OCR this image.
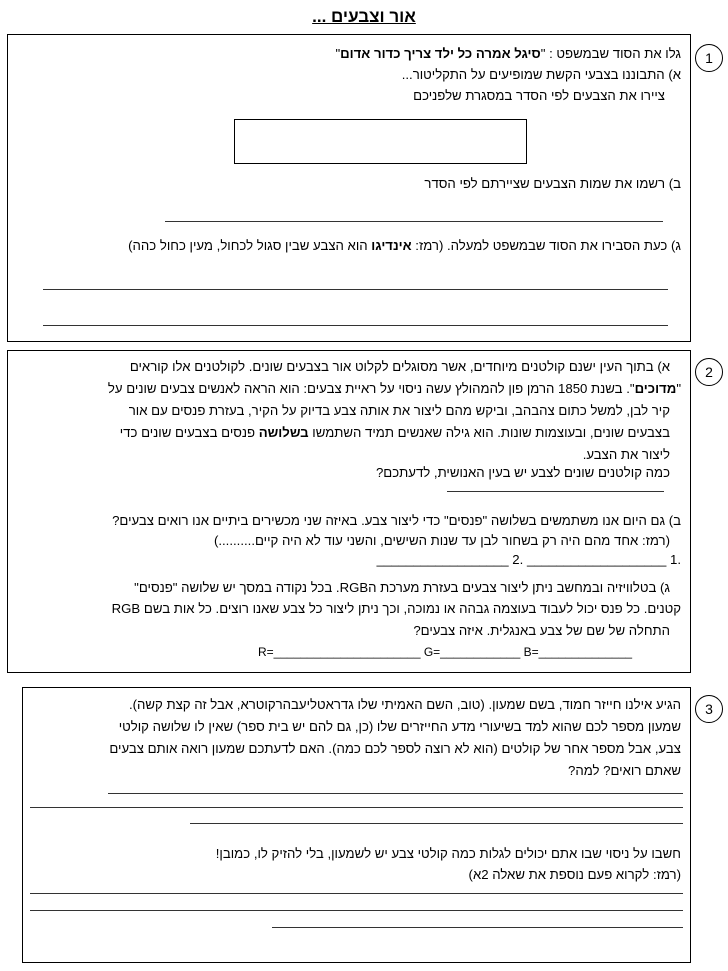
אור וצבעים ...
1
גלו את הסוד שבמשפט : "סיגל אמרה כל ילד צריך כדור אדום"
א) התבוננו בצבעי הקשת שמופיעים על התקליטור...
ציירו את הצבעים לפי הסדר במסגרת שלפניכם
ב) רשמו את שמות הצבעים שציירתם לפי הסדר
ג) כעת הסבירו את הסוד שבמשפט למעלה. (רמז: אינדיגו הוא הצבע שבין סגול לכחול, מעין כחול כהה)
2
א) בתוך העין ישנם קולטנים מיוחדים, אשר מסוגלים לקלוט אור בצבעים שונים. לקולטנים אלו קוראים
"מדוכים". בשנת 1850 הרמן פון להמהולץ עשה ניסוי על ראיית צבעים: הוא הראה לאנשים צבעים שונים על
קיר לבן, למשל כתום צהבהב, וביקש מהם ליצור את אותה צבע בדיוק על הקיר, בעזרת פנסים עם אור
בצבעים שונים, ובעוצמות שונות. הוא גילה שאנשים תמיד השתמשו בשלושה פנסים בצבעים שונים כדי
ליצור את הצבע.
כמה קולטנים שונים לצבע יש בעין האנושית, לדעתכם?
ב) גם היום אנו משתמשים בשלושה "פנסים" כדי ליצור צבע. באיזה שני מכשירים ביתיים אנו רואים צבעים?
(רמז: אחד מהם היה רק בשחור לבן עד שנות השישים, והשני עוד לא היה קיים..........)
.1 ___________________ .2 __________________
ג) בטלוויזיה ובמחשב ניתן ליצור צבעים בעזרת מערכת הRGB. בכל נקודה במסך יש שלושה "פנסים"
קטנים. כל פנס יכול לעבוד בעוצמה גבהה או נמוכה, וכך ניתן ליצור כל צבע שאנו רוצים. כל אות בשם RGB
התחלה של שם של צבע באנגלית. איזה צבעים?
R=______________________ G=____________ B=______________
3
הגיע אילנו חייזר חמוד, בשם שמעון. (טוב, השם האמיתי שלו גדראטליעבהרקוטרא, אבל זה קצת קשה).
שמעון מספר לכם שהוא למד בשיעורי מדע החייזרים שלו (כן, גם להם יש בית ספר) שאין לו שלושה קולטי
צבע, אבל מספר אחר של קולטים (הוא לא רוצה לספר לכם כמה). האם לדעתכם שמעון רואה אותם צבעים
שאתם רואים? למה?
חשבו על ניסוי שבו אתם יכולים לגלות כמה קולטי צבע יש לשמעון, בלי להזיק לו, כמובן!
(רמז: לקרוא פעם נוספת את שאלה 2א)
